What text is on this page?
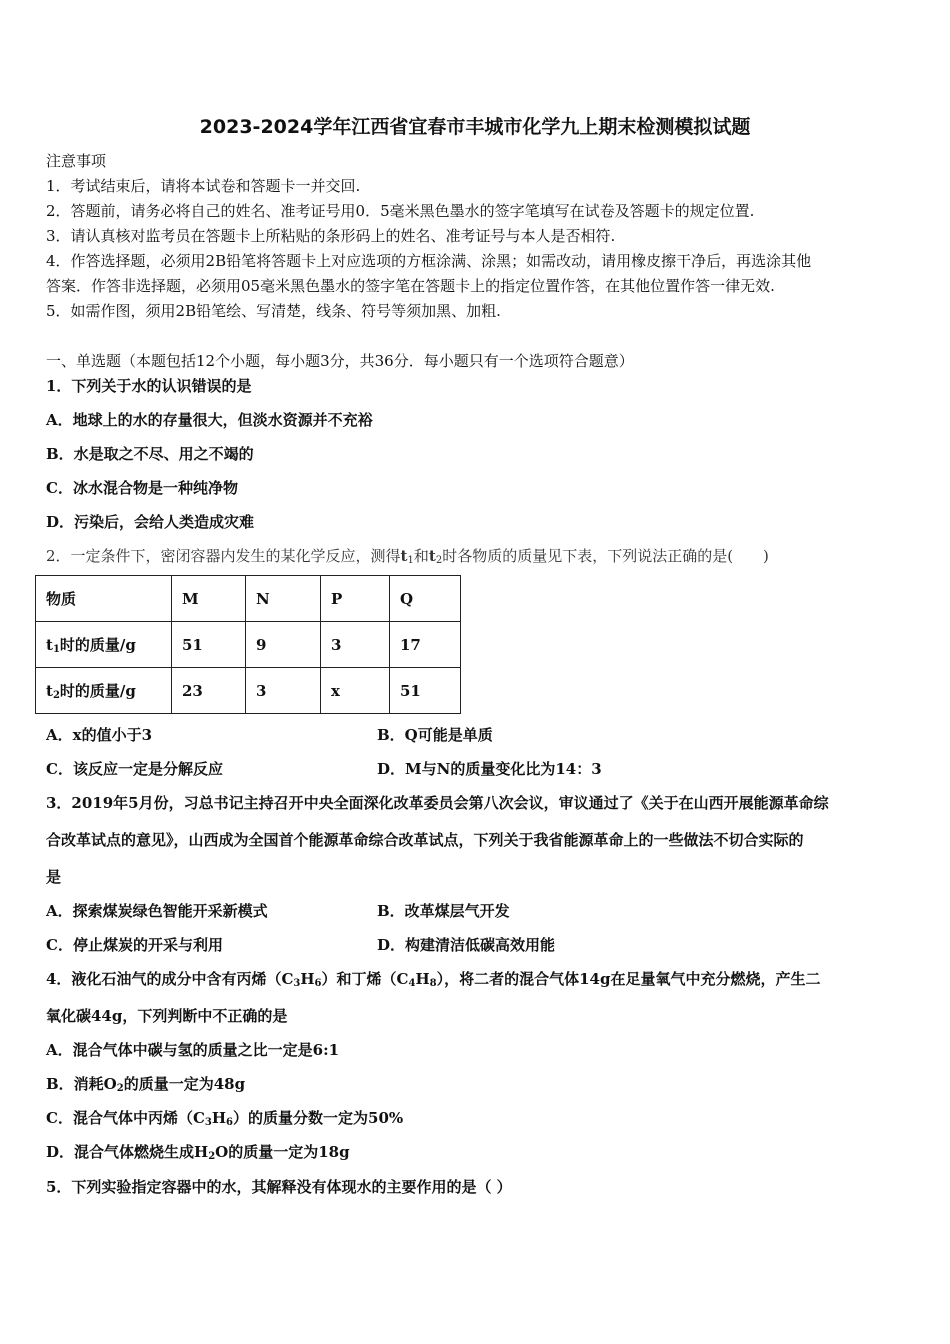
2023-2024学年江西省宜春市丰城市化学九上期末检测模拟试题
注意事项
1．考试结束后，请将本试卷和答题卡一并交回.
2．答题前，请务必将自己的姓名、准考证号用0．5毫米黑色墨水的签字笔填写在试卷及答题卡的规定位置.
3．请认真核对监考员在答题卡上所粘贴的条形码上的姓名、准考证号与本人是否相符.
4．作答选择题，必须用2B铅笔将答题卡上对应选项的方框涂满、涂黑；如需改动，请用橡皮擦干净后，再选涂其他
答案．作答非选择题，必须用05毫米黑色墨水的签字笔在答题卡上的指定位置作答，在其他位置作答一律无效.
5．如需作图，须用2B铅笔绘、写清楚，线条、符号等须加黑、加粗.
一、单选题（本题包括12个小题，每小题3分，共36分．每小题只有一个选项符合题意）
1．下列关于水的认识错误的是
A．地球上的水的存量很大，但淡水资源并不充裕
B．水是取之不尽、用之不竭的
C．冰水混合物是一种纯净物
D．污染后，会给人类造成灾难
2．一定条件下，密闭容器内发生的某化学反应，测得$t_1$和$t_2$时各物质的质量见下表，下列说法正确的是(　　)
物质	M	N	P	Q
$t_1$时的质量/g	51	9	3	17
$t_2$时的质量/g	23	3	x	51
A．x的值小于3	B．Q可能是单质
C．该反应一定是分解反应	D．M与N的质量变化比为14：3
3．2019年5月份，习总书记主持召开中央全面深化改革委员会第八次会议，审议通过了《关于在山西开展能源革命综
合改革试点的意见》，山西成为全国首个能源革命综合改革试点，下列关于我省能源革命上的一些做法不切合实际的
是
A．探索煤炭绿色智能开采新模式	B．改革煤层气开发
C．停止煤炭的开采与利用	D．构建清洁低碳高效用能
4．液化石油气的成分中含有丙烯$(C_3H_6)$和丁烯$(C_4H_8)$，将二者的混合气体14g在足量氧气中充分燃烧，产生二
氧化碳44g，下列判断中不正确的是
A．混合气体中碳与氢的质量之比一定是6:1
B．消耗$O_2$的质量一定为48g
C．混合气体中丙烯$(C_3H_6)$的质量分数一定为50%
D．混合气体燃烧生成$H_2O$的质量一定为18g
5．下列实验指定容器中的水，其解释没有体现水的主要作用的是（ ）
